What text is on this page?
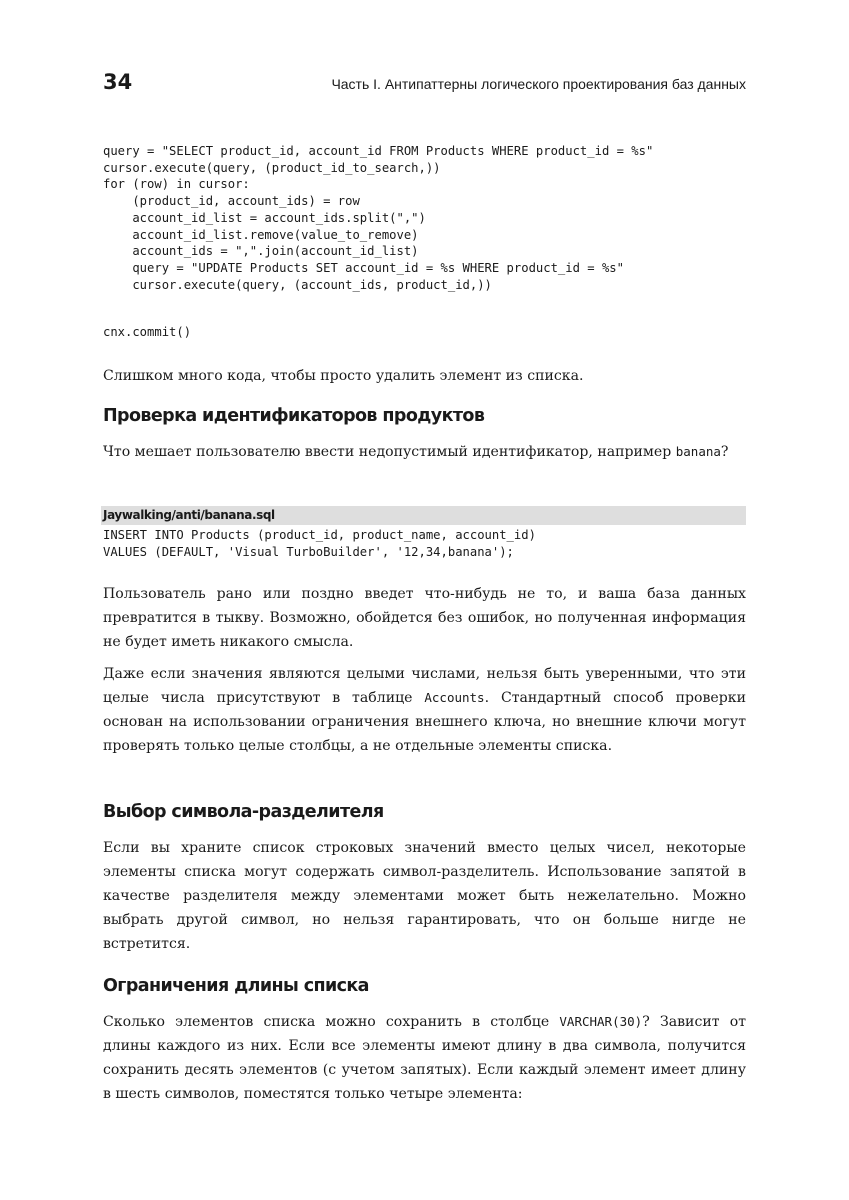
34	Часть I. Антипаттерны логического проектирования баз данных
query = "SELECT product_id, account_id FROM Products WHERE product_id = %s"
cursor.execute(query, (product_id_to_search,))
for (row) in cursor:
(product_id, account_ids) = row
account_id_list = account_ids.split(",")
account_id_list.remove(value_to_remove)
account_ids = ",".join(account_id_list)
query = "UPDATE Products SET account_id = %s WHERE product_id = %s"
cursor.execute(query, (account_ids, product_id,))
cnx.commit()

Слишком много кода, чтобы просто удалить элемент из списка.

Проверка идентификаторов продуктов

Что мешает пользователю ввести недопустимый идентификатор, например banana?

Jaywalking/anti/banana.sql
INSERT INTO Products (product_id, product_name, account_id)
VALUES (DEFAULT, 'Visual TurboBuilder', '12,34,banana');

Пользователь рано или поздно введет что-нибудь не то, и ваша база данных превратится в тыкву. Возможно, обойдется без ошибок, но полученная информация не будет иметь никакого смысла.

Даже если значения являются целыми числами, нельзя быть уверенными, что эти целые числа присутствуют в таблице Accounts. Стандартный способ проверки основан на использовании ограничения внешнего ключа, но внешние ключи могут проверять только целые столбцы, а не отдельные элементы списка.

Выбор символа-разделителя

Если вы храните список строковых значений вместо целых чисел, некоторые элементы списка могут содержать символ-разделитель. Использование запятой в качестве разделителя между элементами может быть нежелательно. Можно выбрать другой символ, но нельзя гарантировать, что он больше нигде не встретится.

Ограничения длины списка

Сколько элементов списка можно сохранить в столбце VARCHAR(30)? Зависит от длины каждого из них. Если все элементы имеют длину в два символа, получится сохранить десять элементов (с учетом запятых). Если каждый элемент имеет длину в шесть символов, поместятся только четыре элемента:
